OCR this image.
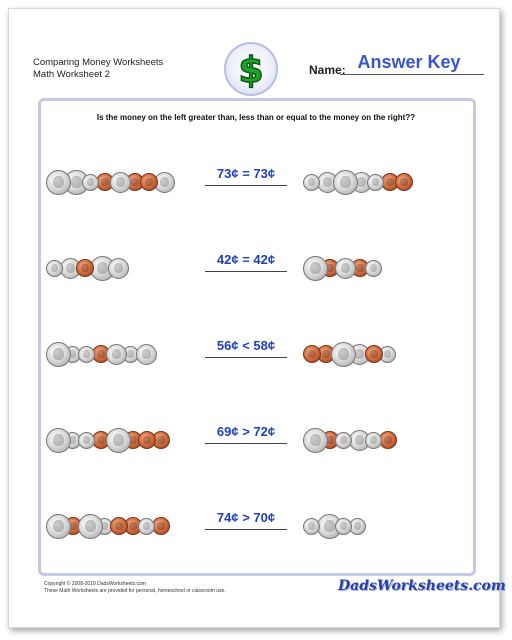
Comparing Money Worksheets
Math Worksheet 2	$	Name: Answer Key
Is the money on the left greater than, less than or equal to the money on the right??
73¢ = 73¢
42¢ = 42¢
56¢ < 58¢
69¢ > 72¢
74¢ > 70¢
Copyright © 2008-2019 DadsWorksheets.com
These Math Worksheets are provided for personal, homeschool or classroom use.	DadsWorksheets.com
